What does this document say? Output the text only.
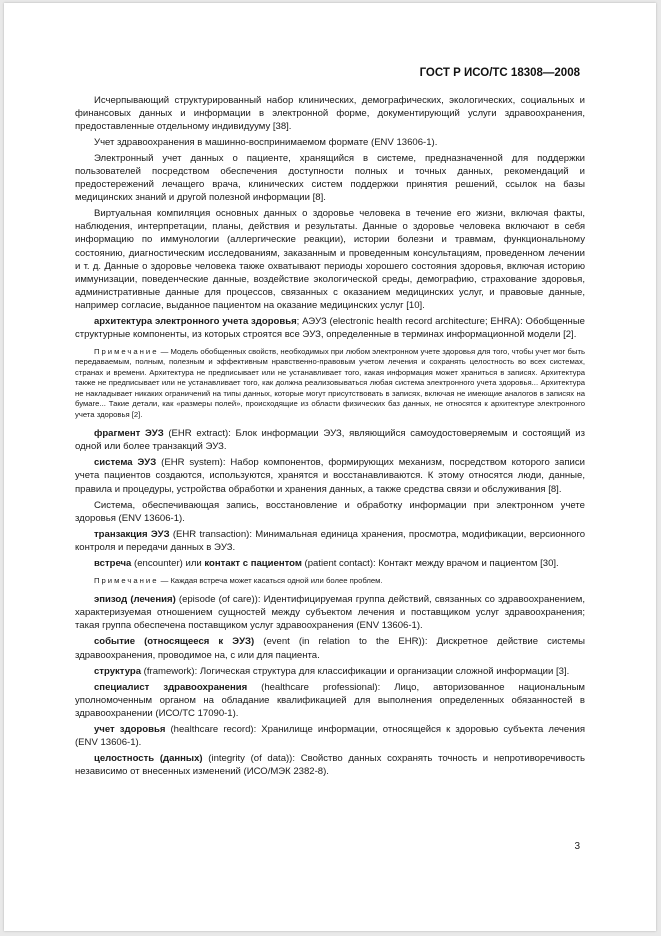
ГОСТ Р ИСО/ТС 18308—2008

Исчерпывающий структурированный набор клинических, демографических, экологических, социальных и финансовых данных и информации в электронной форме, документирующий услуги здравоохранения, предоставленные отдельному индивидууму [38].

Учет здравоохранения в машинно-воспринимаемом формате (ENV 13606-1).

Электронный учет данных о пациенте, хранящийся в системе, предназначенной для поддержки пользователей посредством обеспечения доступности полных и точных данных, рекомендаций и предостережений лечащего врача, клинических систем поддержки принятия решений, ссылок на базы медицинских знаний и другой полезной информации [8].

Виртуальная компиляция основных данных о здоровье человека в течение его жизни, включая факты, наблюдения, интерпретации, планы, действия и результаты. Данные о здоровье человека включают в себя информацию по иммунологии (аллергические реакции), истории болезни и травмам, функциональному состоянию, диагностическим исследованиям, заказанным и проведенным консультациям, проведенном лечении и т. д. Данные о здоровье человека также охватывают периоды хорошего состояния здоровья, включая историю иммунизации, поведенческие данные, воздействие экологической среды, демографию, страхование здоровья, административные данные для процессов, связанных с оказанием медицинских услуг, и правовые данные, например согласие, выданное пациентом на оказание медицинских услуг [10].

архитектура электронного учета здоровья; АЭУЗ (electronic health record architecture; EHRA): Обобщенные структурные компоненты, из которых строятся все ЭУЗ, определенные в терминах информационной модели [2].

Примечание — Модель обобщенных свойств, необходимых при любом электронном учете здоровья для того, чтобы учет мог быть передаваемым, полным, полезным и эффективным нравственно-правовым учетом лечения и сохранять целостность во всех системах, странах и времени. Архитектура не предписывает или не устанавливает того, какая информация может храниться в записях. Архитектура также не предписывает или не устанавливает того, как должна реализовываться любая система электронного учета здоровья... Архитектура не накладывает никаких ограничений на типы данных, которые могут присутствовать в записях, включая не имеющие аналогов в записях на бумаге... Такие детали, как «размеры полей», происходящие из области физических баз данных, не относятся к архитектуре электронного учета здоровья [2].

фрагмент ЭУЗ (EHR extract): Блок информации ЭУЗ, являющийся самоудостоверяемым и состоящий из одной или более транзакций ЭУЗ.

система ЭУЗ (EHR system): Набор компонентов, формирующих механизм, посредством которого записи учета пациентов создаются, используются, хранятся и восстанавливаются. К этому относятся люди, данные, правила и процедуры, устройства обработки и хранения данных, а также средства связи и обслуживания [8].

Система, обеспечивающая запись, восстановление и обработку информации при электронном учете здоровья (ENV 13606-1).

транзакция ЭУЗ (EHR transaction): Минимальная единица хранения, просмотра, модификации, версионного контроля и передачи данных в ЭУЗ.

встреча (encounter) или контакт с пациентом (patient contact): Контакт между врачом и пациентом [30].

Примечание — Каждая встреча может касаться одной или более проблем.

эпизод (лечения) (episode (of care)): Идентифицируемая группа действий, связанных со здравоохранением, характеризуемая отношением сущностей между субъектом лечения и поставщиком услуг здравоохранения; такая группа обеспечена поставщиком услуг здравоохранения (ENV 13606-1).

событие (относящееся к ЭУЗ) (event (in relation to the EHR)): Дискретное действие системы здравоохранения, проводимое на, с или для пациента.

структура (framework): Логическая структура для классификации и организации сложной информации [3].

специалист здравоохранения (healthcare professional): Лицо, авторизованное национальным уполномоченным органом на обладание квалификацией для выполнения определенных обязанностей в здравоохранении (ИСО/ТС 17090-1).

учет здоровья (healthcare record): Хранилище информации, относящейся к здоровью субъекта лечения (ENV 13606-1).

целостность (данных) (integrity (of data)): Свойство данных сохранять точность и непротиворечивость независимо от внесенных изменений (ИСО/МЭК 2382-8).

3
